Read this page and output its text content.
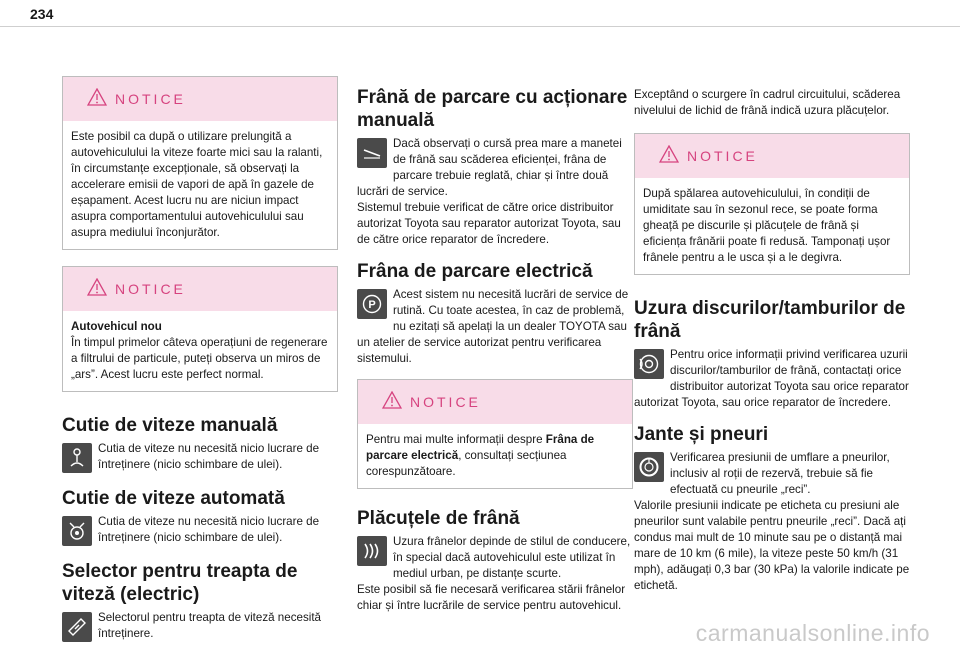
234
NOTICE

Este posibil ca după o utilizare prelungită a autovehiculului la viteze foarte mici sau la ralanti, în circumstanțe excepționale, să observați la accelerare emisii de vapori de apă în gazele de eșapament. Acest lucru nu are niciun impact asupra comportamentului autovehiculului sau asupra mediului înconjurător.

NOTICE

Autovehicul nou

În timpul primelor câteva operațiuni de regenerare a filtrului de particule, puteți observa un miros de „ars”. Acest lucru este perfect normal.

Cutie de viteze manuală

Cutia de viteze nu necesită nicio lucrare de întreținere (nicio schimbare de ulei).

Cutie de viteze automată

Cutia de viteze nu necesită nicio lucrare de întreținere (nicio schimbare de ulei).

Selector pentru treapta de viteză (electric)

Selectorul pentru treapta de viteză necesită întreținere.

Frână de parcare cu acționare manuală

Dacă observați o cursă prea mare a manetei de frână sau scăderea eficienței, frâna de parcare trebuie reglată, chiar și între două lucrări de service.

Sistemul trebuie verificat de către orice distribuitor autorizat Toyota sau reparator autorizat Toyota, sau de către orice reparator de încredere.

Frâna de parcare electrică
P

Acest sistem nu necesită lucrări de service de rutină. Cu toate acestea, în caz de problemă, nu ezitați să apelați la un dealer TOYOTA sau un atelier de service autorizat pentru verificarea sistemului.

NOTICE

Pentru mai multe informații despre Frâna de parcare electrică, consultați secțiunea corespunzătoare.

Plăcuțele de frână

Uzura frânelor depinde de stilul de conducere, în special dacă autovehiculul este utilizat în mediul urban, pe distanțe scurte.

Este posibil să fie necesară verificarea stării frânelor chiar și între lucrările de service pentru autovehicul.

Exceptând o scurgere în cadrul circuitului, scăderea nivelului de lichid de frână indică uzura plăcuțelor.

NOTICE

După spălarea autovehiculului, în condiții de umiditate sau în sezonul rece, se poate forma gheață pe discurile și plăcuțele de frână și eficiența frânării poate fi redusă. Tamponați ușor frânele pentru a le usca și a le degivra.

Uzura discurilor/tamburilor de frână

Pentru orice informații privind verificarea uzurii discurilor/tamburilor de frână, contactați orice distribuitor autorizat Toyota sau orice reparator autorizat Toyota, sau orice reparator de încredere.

Jante și pneuri

Verificarea presiunii de umflare a pneurilor, inclusiv al roții de rezervă, trebuie să fie efectuată cu pneurile „reci”.

Valorile presiunii indicate pe eticheta cu presiuni ale pneurilor sunt valabile pentru pneurile „reci”. Dacă ați condus mai mult de 10 minute sau pe o distanță mai mare de 10 km (6 mile), la viteze peste 50 km/h (31 mph), adăugați 0,3 bar (30 kPa) la valorile indicate pe etichetă.

carmanualsonline.info
